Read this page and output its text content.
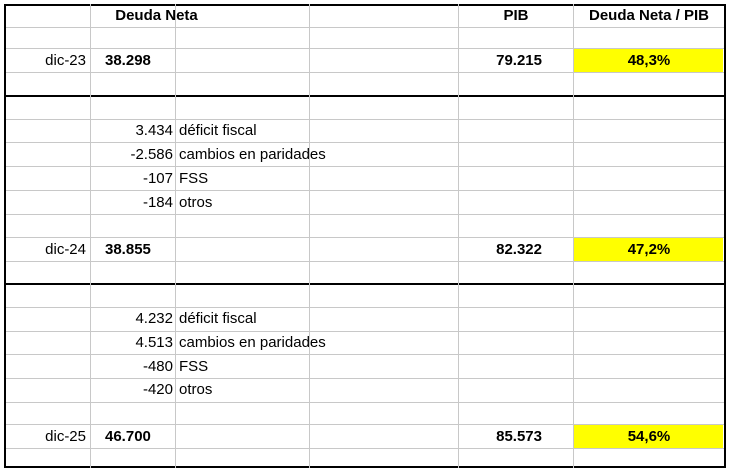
Deuda Neta	PIB	Deuda Neta / PIB
dic-23 38.298	79.215	48,3%
3.434 déficit fiscal
-2.586 cambios en paridades
-107 FSS
-184 otros
dic-24 38.855	82.322	47,2%
4.232 déficit fiscal
4.513 cambios en paridades
-480 FSS
-420 otros
dic-25 46.700	85.573	54,6%
